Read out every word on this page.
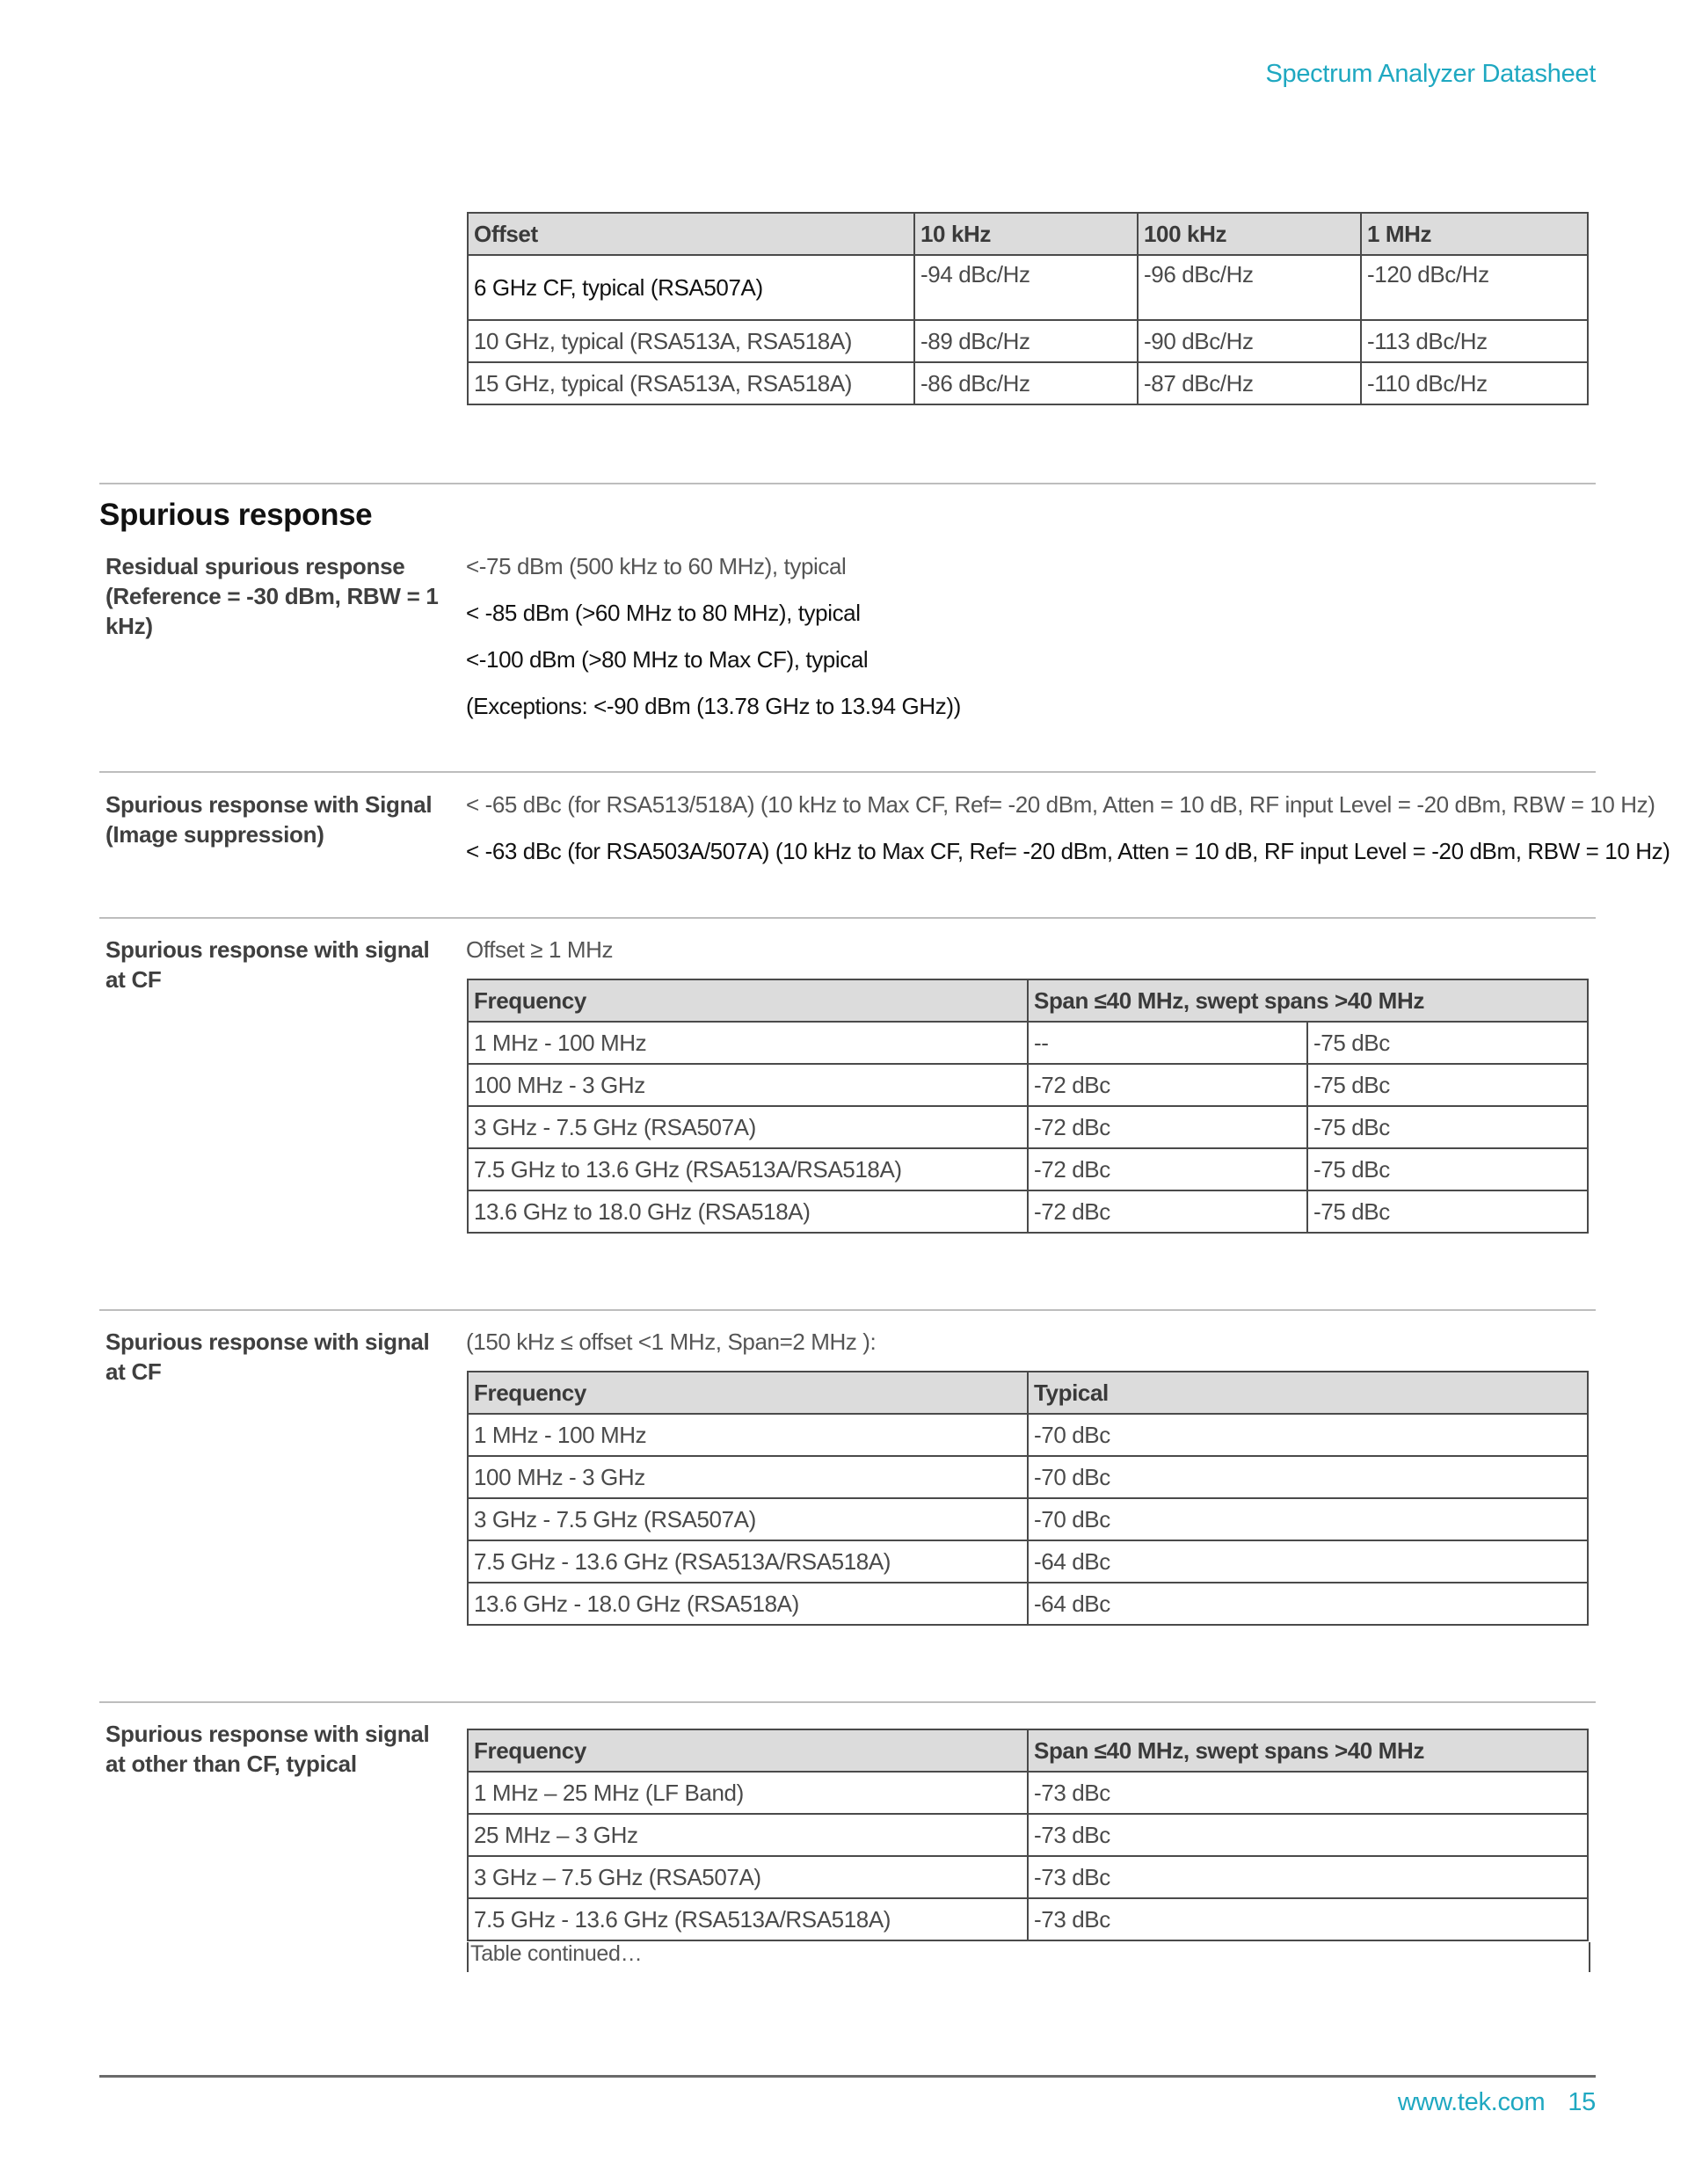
Spectrum Analyzer Datasheet
Offset	10 kHz	100 kHz	1 MHz
6 GHz CF, typical (RSA507A)	-94 dBc/Hz	-96 dBc/Hz	-120 dBc/Hz
10 GHz, typical (RSA513A, RSA518A)	-89 dBc/Hz	-90 dBc/Hz	-113 dBc/Hz
15 GHz, typical (RSA513A, RSA518A)	-86 dBc/Hz	-87 dBc/Hz	-110 dBc/Hz
Spurious response
Residual spurious response (Reference = -30 dBm, RBW = 1 kHz)
<-75 dBm (500 kHz to 60 MHz), typical
< -85 dBm (>60 MHz to 80 MHz), typical
<-100 dBm (>80 MHz to Max CF), typical
(Exceptions: <-90 dBm (13.78 GHz to 13.94 GHz))
Spurious response with Signal (Image suppression)
< -65 dBc (for RSA513/518A) (10 kHz to Max CF, Ref= -20 dBm, Atten = 10 dB, RF input Level = -20 dBm, RBW = 10 Hz)
< -63 dBc (for RSA503A/507A) (10 kHz to Max CF, Ref= -20 dBm, Atten = 10 dB, RF input Level = -20 dBm, RBW = 10 Hz)
Spurious response with signal at CF
Offset ≥ 1 MHz
Frequency	Span ≤40 MHz, swept spans >40 MHz	
1 MHz - 100 MHz	--	-75 dBc
100 MHz - 3 GHz	-72 dBc	-75 dBc
3 GHz - 7.5 GHz (RSA507A)	-72 dBc	-75 dBc
7.5 GHz to 13.6 GHz (RSA513A/RSA518A)	-72 dBc	-75 dBc
13.6 GHz to 18.0 GHz (RSA518A)	-72 dBc	-75 dBc
Spurious response with signal at CF
(150 kHz ≤ offset <1 MHz, Span=2 MHz ):
Frequency	Typical
1 MHz - 100 MHz	-70 dBc
100 MHz - 3 GHz	-70 dBc
3 GHz - 7.5 GHz (RSA507A)	-70 dBc
7.5 GHz - 13.6 GHz (RSA513A/RSA518A)	-64 dBc
13.6 GHz - 18.0 GHz (RSA518A)	-64 dBc
Spurious response with signal at other than CF, typical
Frequency	Span ≤40 MHz, swept spans >40 MHz
1 MHz – 25 MHz (LF Band)	-73 dBc
25 MHz – 3 GHz	-73 dBc
3 GHz – 7.5 GHz (RSA507A)	-73 dBc
7.5 GHz - 13.6 GHz (RSA513A/RSA518A)	-73 dBc
Table continued…
www.tek.com 15
